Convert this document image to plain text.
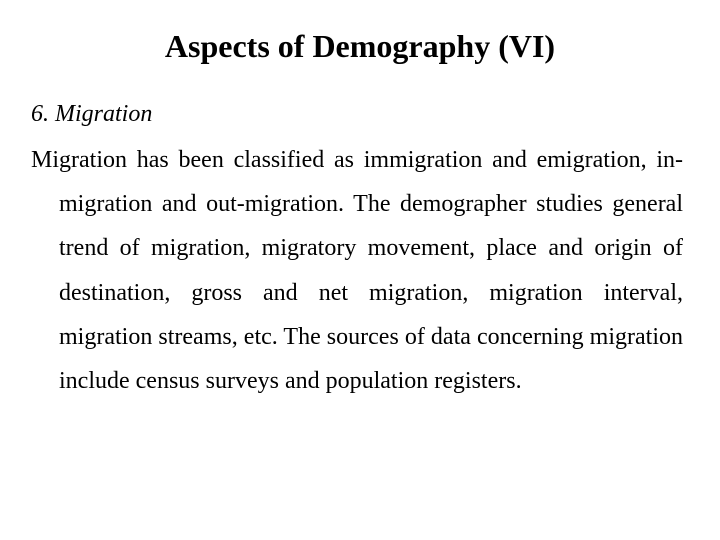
Aspects of Demography (VI)
6. Migration

Migration has been classified as immigration and emigration, in-migration and out-migration. The demographer studies general trend of migration, migratory movement, place and origin of destination, gross and net migration, migration interval, migration streams, etc. The sources of data concerning migration include census surveys and population registers.
